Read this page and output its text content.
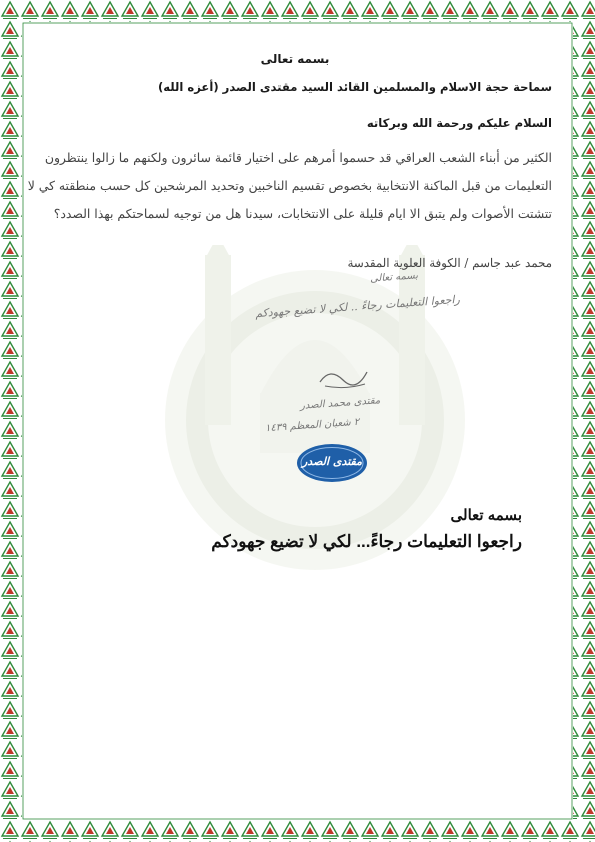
بسمه تعالى
سماحة حجة الاسلام والمسلمين القائد السيد مقتدى الصدر (أعزه الله)
السلام عليكم ورحمة الله وبركاته
الكثير من أبناء الشعب العراقي قد حسموا أمرهم على اختيار قائمة سائرون ولكنهم ما زالوا ينتظرون
التعليمات من قبل الماكنة الانتخابية بخصوص تقسيم الناخبين وتحديد المرشحين كل حسب منطقته كي لا
تتشتت الأصوات ولم يتبق الا ايام قليلة على الانتخابات، سيدنا هل من توجيه لسماحتكم بهذا الصدد؟
محمد عبد جاسم / الكوفة العلوية المقدسة
بسمه تعالى
راجعوا التعليمات رجاءً .. لكي لا تضيع جهودكم
مقتدى محمد الصدر
٢ شعبان المعظم ١٤٣٩
مقتدى الصدر
بسمه تعالى
راجعوا التعليمات رجاءً... لكي لا تضيع جهودكم
